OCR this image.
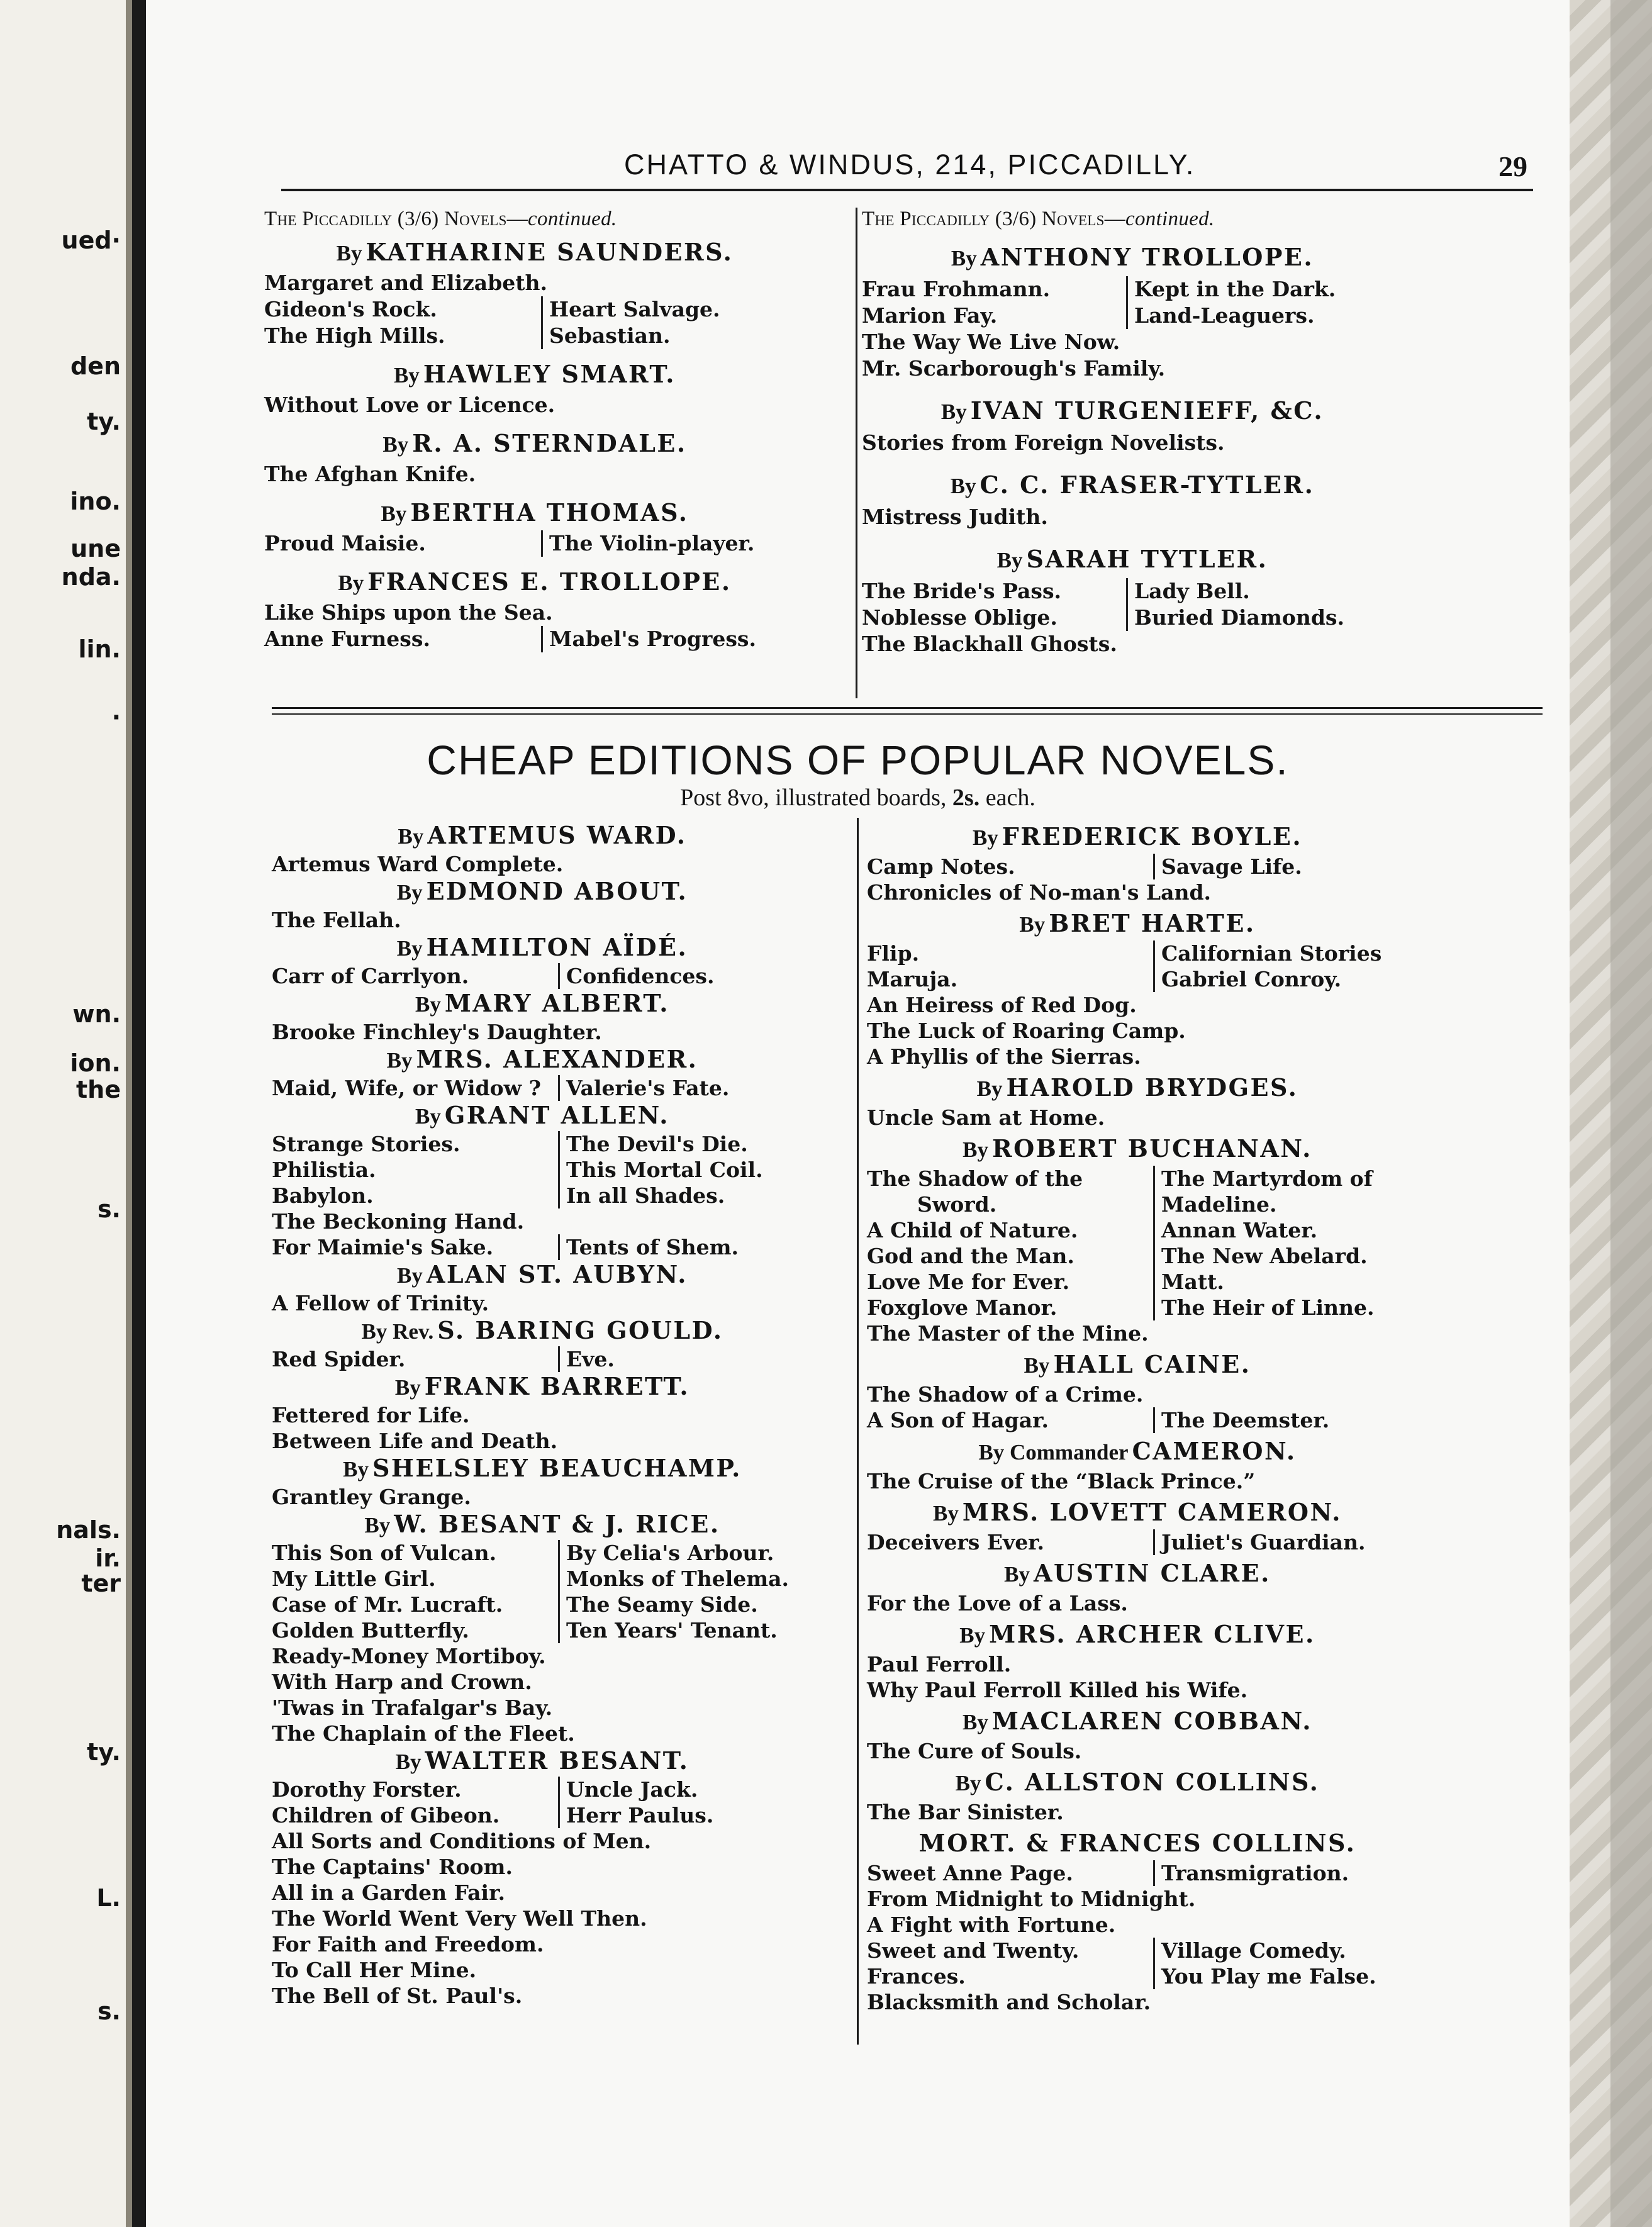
ued·
den
ty.
ino.
une
nda.
lin.
·
wn.
ion.
the
s.
nals.
ir.
ter
ty.
L.
s.
CHATTO & WINDUS, 214, PICCADILLY.	29
The Piccadilly (3/6) Novels—continued.
By KATHARINE SAUNDERS.
Margaret and Elizabeth.
Gideon's Rock.	Heart Salvage.
The High Mills.	Sebastian.
By HAWLEY SMART.
Without Love or Licence.
By R. A. STERNDALE.
The Afghan Knife.
By BERTHA THOMAS.
Proud Maisie.	The Violin-player.
By FRANCES E. TROLLOPE.
Like Ships upon the Sea.
Anne Furness.	Mabel's Progress.
The Piccadilly (3/6) Novels—continued.
By ANTHONY TROLLOPE.
Frau Frohmann.	Kept in the Dark.
Marion Fay.	Land-Leaguers.
The Way We Live Now.
Mr. Scarborough's Family.
By IVAN TURGENIEFF, &C.
Stories from Foreign Novelists.
By C. C. FRASER-TYTLER.
Mistress Judith.
By SARAH TYTLER.
The Bride's Pass.	Lady Bell.
Noblesse Oblige.	Buried Diamonds.
The Blackhall Ghosts.
CHEAP EDITIONS OF POPULAR NOVELS.
Post 8vo, illustrated boards, 2s. each.
By ARTEMUS WARD.
Artemus Ward Complete.
By EDMOND ABOUT.
The Fellah.
By HAMILTON AÏDÉ.
Carr of Carrlyon.	Confidences.
By MARY ALBERT.
Brooke Finchley's Daughter.
By MRS. ALEXANDER.
Maid, Wife, or Widow ?	Valerie's Fate.
By GRANT ALLEN.
Strange Stories.	The Devil's Die.
Philistia.	This Mortal Coil.
Babylon.	In all Shades.
The Beckoning Hand.
For Maimie's Sake.	Tents of Shem.
By ALAN ST. AUBYN.
A Fellow of Trinity.
By Rev. S. BARING GOULD.
Red Spider.	Eve.
By FRANK BARRETT.
Fettered for Life.
Between Life and Death.
By SHELSLEY BEAUCHAMP.
Grantley Grange.
By W. BESANT & J. RICE.
This Son of Vulcan.	By Celia's Arbour.
My Little Girl.	Monks of Thelema.
Case of Mr. Lucraft.	The Seamy Side.
Golden Butterfly.	Ten Years' Tenant.
Ready-Money Mortiboy.
With Harp and Crown.
'Twas in Trafalgar's Bay.
The Chaplain of the Fleet.
By WALTER BESANT.
Dorothy Forster.	Uncle Jack.
Children of Gibeon.	Herr Paulus.
All Sorts and Conditions of Men.
The Captains' Room.
All in a Garden Fair.
The World Went Very Well Then.
For Faith and Freedom.
To Call Her Mine.
The Bell of St. Paul's.
By FREDERICK BOYLE.
Camp Notes.	Savage Life.
Chronicles of No-man's Land.
By BRET HARTE.
Flip.	Californian Stories
Maruja.	Gabriel Conroy.
An Heiress of Red Dog.
The Luck of Roaring Camp.
A Phyllis of the Sierras.
By HAROLD BRYDGES.
Uncle Sam at Home.
By ROBERT BUCHANAN.
The Shadow of the	The Martyrdom of
Sword.	Madeline.
A Child of Nature.	Annan Water.
God and the Man.	The New Abelard.
Love Me for Ever.	Matt.
Foxglove Manor.	The Heir of Linne.
The Master of the Mine.
By HALL CAINE.
The Shadow of a Crime.
A Son of Hagar.	The Deemster.
By Commander CAMERON.
The Cruise of the “Black Prince.”
By MRS. LOVETT CAMERON.
Deceivers Ever.	Juliet's Guardian.
By AUSTIN CLARE.
For the Love of a Lass.
By MRS. ARCHER CLIVE.
Paul Ferroll.
Why Paul Ferroll Killed his Wife.
By MACLAREN COBBAN.
The Cure of Souls.
By C. ALLSTON COLLINS.
The Bar Sinister.
MORT. & FRANCES COLLINS.
Sweet Anne Page.	Transmigration.
From Midnight to Midnight.
A Fight with Fortune.
Sweet and Twenty.	Village Comedy.
Frances.	You Play me False.
Blacksmith and Scholar.
